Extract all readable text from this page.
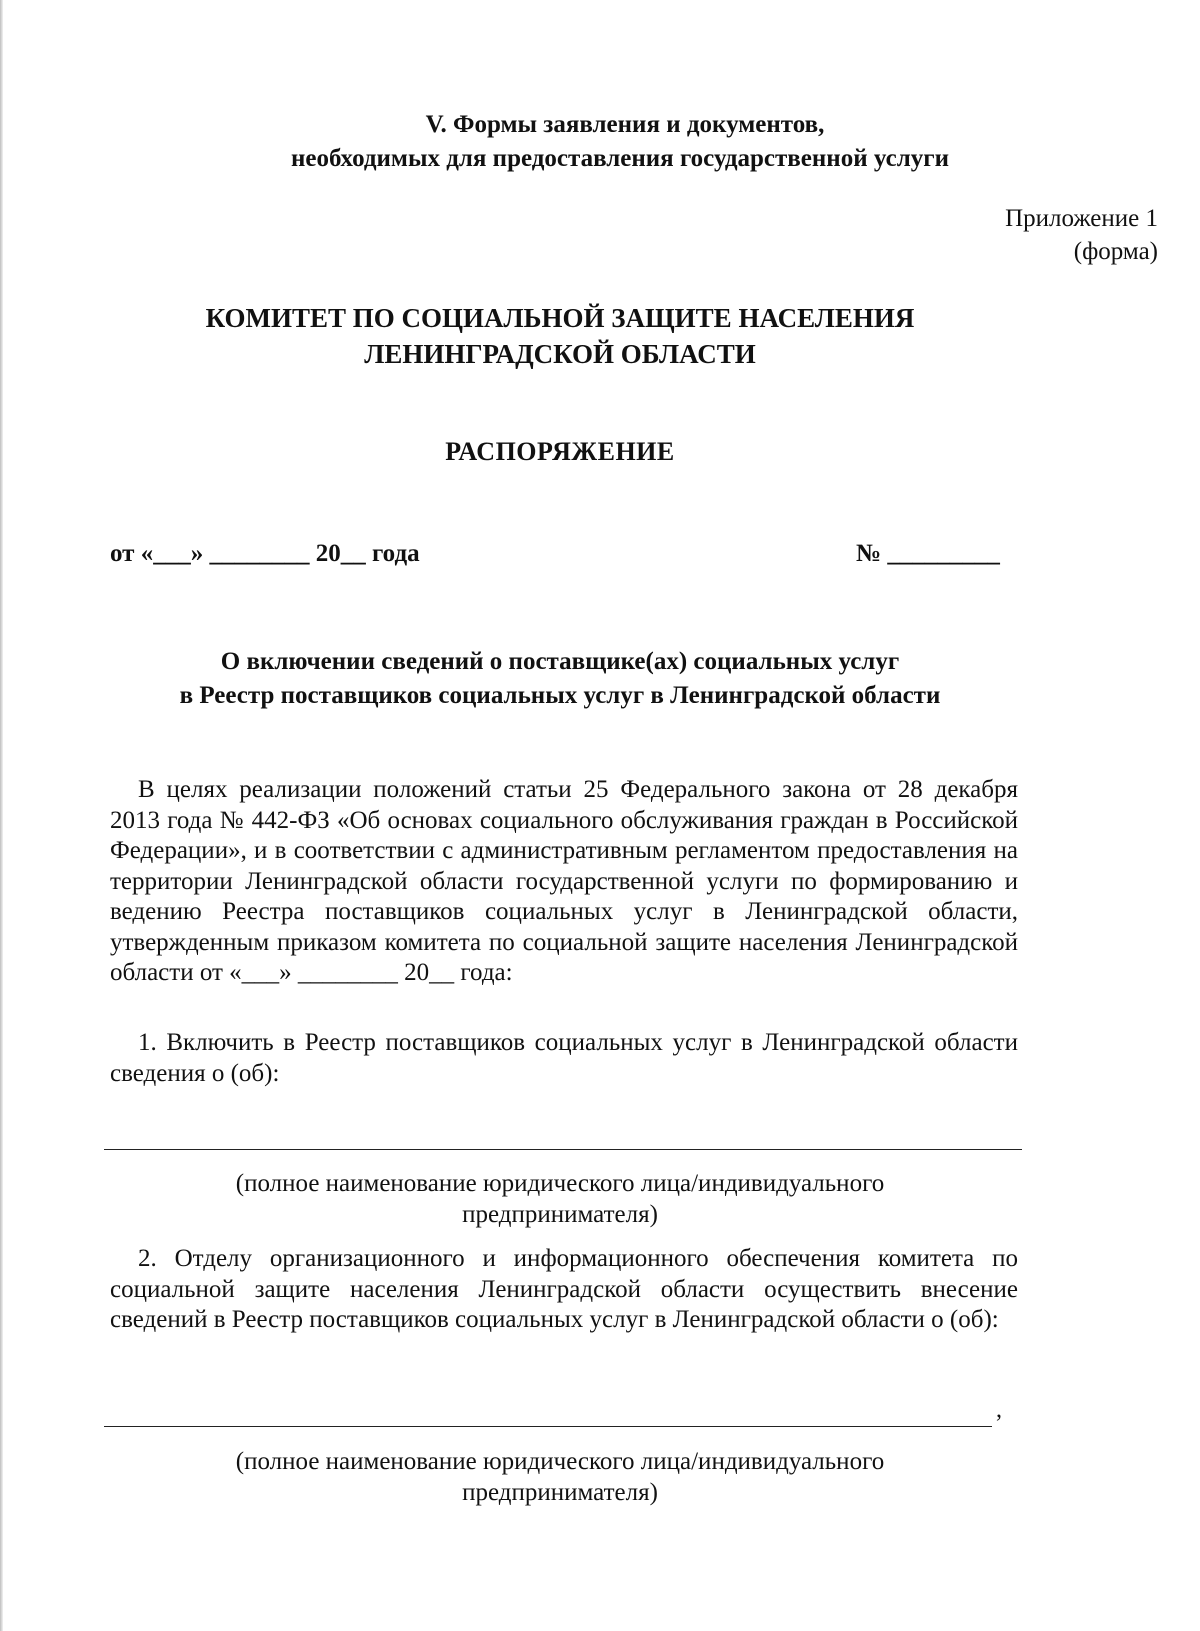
V. Формы заявления и документов,
необходимых для предоставления государственной услуги
Приложение 1
(форма)
КОМИТЕТ ПО СОЦИАЛЬНОЙ ЗАЩИТЕ НАСЕЛЕНИЯ
ЛЕНИНГРАДСКОЙ ОБЛАСТИ
РАСПОРЯЖЕНИЕ
от «___» ________ 20__ года	№ _________
О включении сведений о поставщике(ах) социальных услуг
в Реестр поставщиков социальных услуг в Ленинградской области
В целях реализации положений статьи 25 Федерального закона от 28 декабря 2013 года № 442-ФЗ «Об основах социального обслуживания граждан в Российской Федерации», и в соответствии с административным регламентом предоставления на территории Ленинградской области государственной услуги по формированию и ведению Реестра поставщиков социальных услуг в Ленинградской области, утвержденным приказом комитета по социальной защите населения Ленинградской области от «___» ________ 20__ года:
1. Включить в Реестр поставщиков социальных услуг в Ленинградской области сведения о (об):
(полное наименование юридического лица/индивидуального
предпринимателя)
2. Отделу организационного и информационного обеспечения комитета по социальной защите населения Ленинградской области осуществить внесение сведений в Реестр поставщиков социальных услуг в Ленинградской области о (об):
,
(полное наименование юридического лица/индивидуального
предпринимателя)
